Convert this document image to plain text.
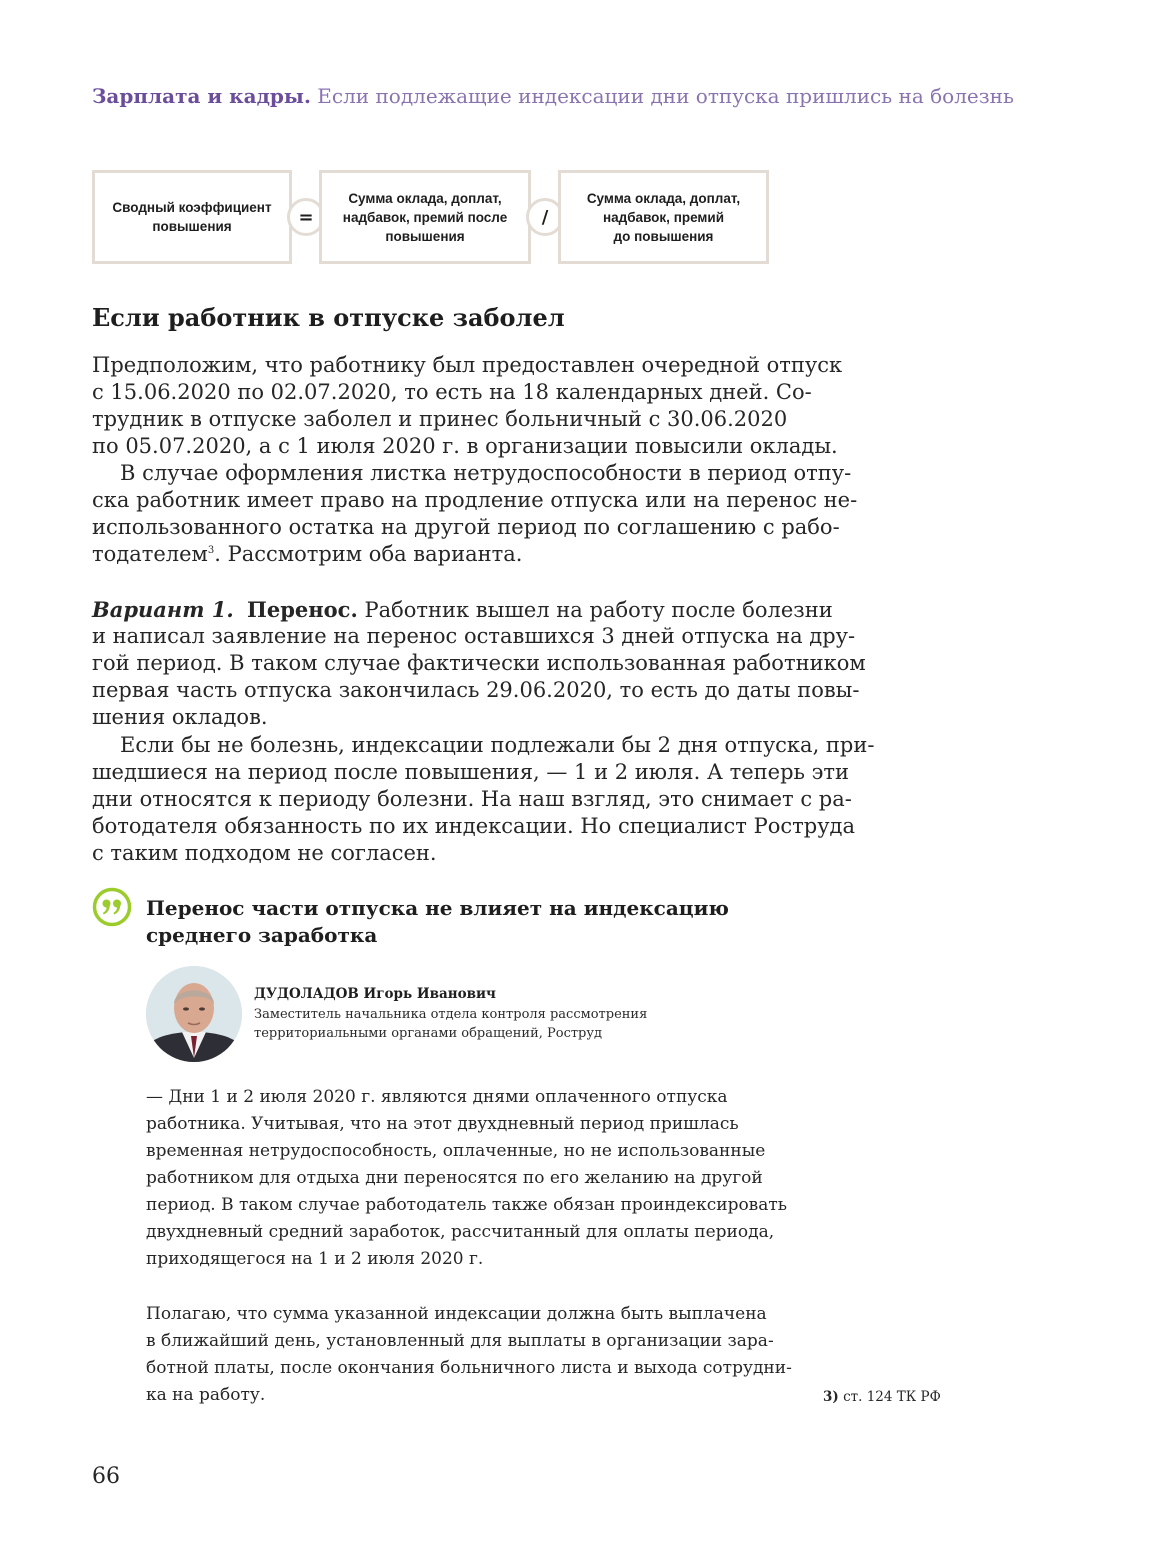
Зарплата и кадры. Если подлежащие индексации дни отпуска пришлись на болезнь
Сводный коэффициент
повышения	=
Сумма оклада, доплат,
надбавок, премий после
повышения
/
Сумма оклада, доплат,
надбавок, премий
до повышения
Если работник в отпуске заболел
Предположим, что работнику был предоставлен очередной отпуск
с 15.06.2020 по 02.07.2020, то есть на 18 календарных дней. Со-
трудник в отпуске заболел и принес больничный с 30.06.2020
по 05.07.2020, а с 1 июля 2020 г. в организации повысили оклады.
В случае оформления листка нетрудоспособности в период отпу-
ска работник имеет право на продление отпуска или на перенос не-
использованного остатка на другой период по соглашению с рабо-
тодателем$^3$. Рассмотрим оба варианта.
Вариант 1. Перенос. Работник вышел на работу после болезни
и написал заявление на перенос оставшихся 3 дней отпуска на дру-
гой период. В таком случае фактически использованная работником
первая часть отпуска закончилась 29.06.2020, то есть до даты повы-
шения окладов.
Если бы не болезнь, индексации подлежали бы 2 дня отпуска, при-
шедшиеся на период после повышения, — 1 и 2 июля. А теперь эти
дни относятся к периоду болезни. На наш взгляд, это снимает с ра-
ботодателя обязанность по их индексации. Но специалист Роструда
с таким подходом не согласен.
Перенос части отпуска не влияет на индексацию
среднего заработка
ДУДОЛАДОВ Игорь Иванович
Заместитель начальника отдела контроля рассмотрения
территориальными органами обращений, Роструд
— Дни 1 и 2 июля 2020 г. являются днями оплаченного отпуска
работника. Учитывая, что на этот двухдневный период пришлась
временная нетрудоспособность, оплаченные, но не использованные
работником для отдыха дни переносятся по его желанию на другой
период. В таком случае работодатель также обязан проиндексировать
двухдневный средний заработок, рассчитанный для оплаты периода,
приходящегося на 1 и 2 июля 2020 г.
Полагаю, что сумма указанной индексации должна быть выплачена
в ближайший день, установленный для выплаты в организации зара-
ботной платы, после окончания больничного листа и выхода сотрудни-
ка на работу.	3) ст. 124 ТК РФ
66
